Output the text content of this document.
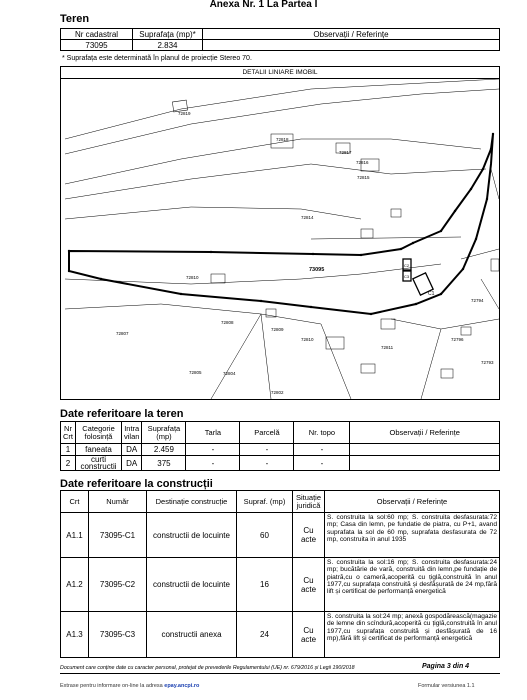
Anexa Nr. 1 La Partea I
Teren
Nr cadastral	Suprafața (mp)*	Observații / Referințe
73095	2.834	
* Suprafața este determinată în planul de proiecție Stereo 70.
DETALII LINIARE IMOBIL
72819
72818
72817
72816
72815
72814
72810
72808
72809
72807
72810
72811
72805	72804
72802
72794
72796
72793
73095
C1
C2
C3
Date referitoare la teren
Nr Crt	Categorie folosință	Intra vilan	Suprafața (mp)	Tarla	Parcelă	Nr. topo	Observații / Referințe
1	faneata	DA	2.459	-	-	-	
2	curti constructii	DA	375	-	-	-	
Date referitoare la construcții
Crt	Număr	Destinație construcție	Supraf. (mp)	Situație juridică	Observații / Referințe
A1.1	73095-C1	constructii de locuinte	60	Cu acte	S. construita la sol:60 mp; S. construita desfasurata:72 mp; Casa din lemn, pe fundatie de piatra, cu P+1, avand suprafata la sol de 60 mp, suprafata desfasurata de 72 mp, construita in anul 1935
A1.2	73095-C2	constructii de locuinte	16	Cu acte	S. construita la sol:16 mp; S. construita desfasurata:24 mp; bucătărie de vară, construită din lemn,pe fundație de piatră,cu o cameră,acoperită cu țiglă,construită în anul 1977,cu suprafața construită și desfășurată de 24 mp,fără lift și certificat de performanță energetică
A1.3	73095-C3	constructii anexa	24	Cu acte	S. construita la sol:24 mp; anexă gospodărească(magazie de lemne din scîndură,acoperită cu țiglă,construită în anul 1977,cu suprafața construită și desfășurată de 16 mp),fără lift și certificat de performanță energetică
Document care conține date cu caracter personal, protejat de prevederile Regulamentului (UE) nr. 679/2016 și Legii 190/2018	Pagina 3 din 4
Extrase pentru informare on-line la adresa epay.ancpi.ro	Formular versiunea 1.1
